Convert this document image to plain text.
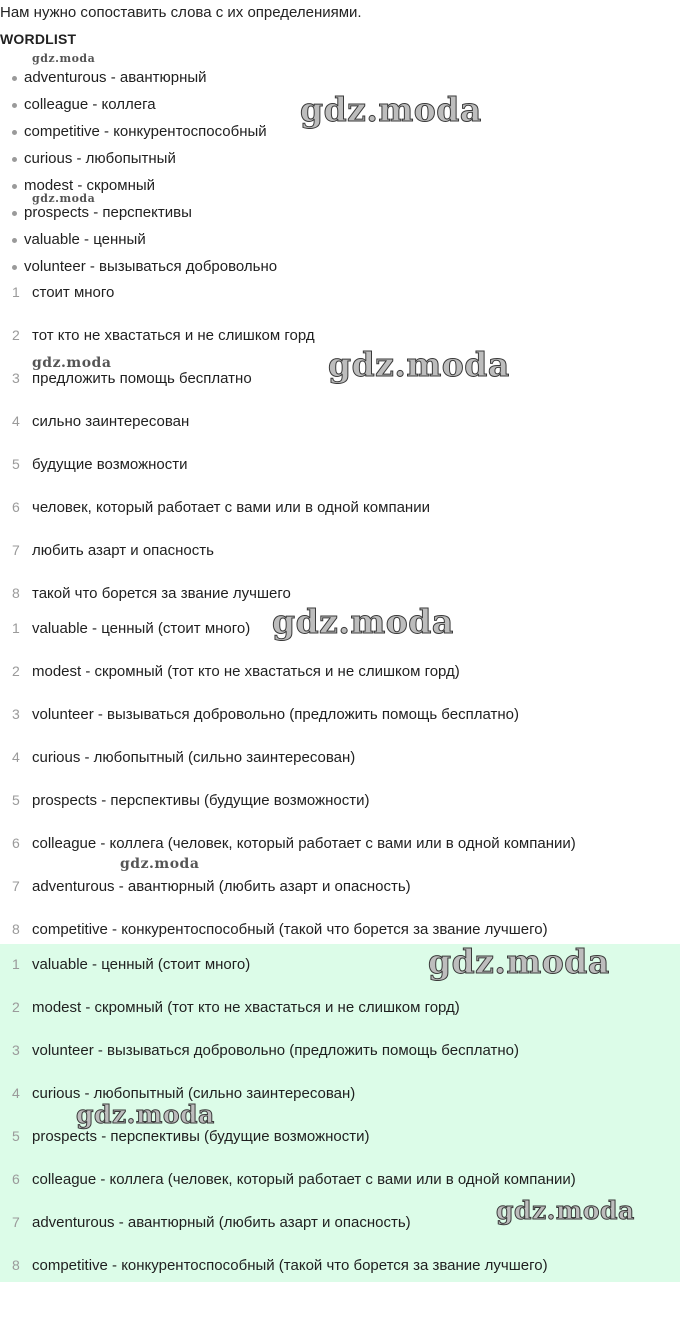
Нам нужно сопоставить слова с их определениями.
WORDLIST
adventurous - авантюрный
colleague - коллега
competitive - конкурентоспособный
curious - любопытный
modest - скромный
prospects - перспективы
valuable - ценный
volunteer - вызываться добровольно
1 стоит много
2 тот кто не хвастаться и не слишком горд
3 предложить помощь бесплатно
4 сильно заинтересован
5 будущие возможности
6 человек, который работает с вами или в одной компании
7 любить азарт и опасность
8 такой что борется за звание лучшего
1 valuable - ценный (стоит много)
2 modest - скромный (тот кто не хвастаться и не слишком горд)
3 volunteer - вызываться добровольно (предложить помощь бесплатно)
4 curious - любопытный (сильно заинтересован)
5 prospects - перспективы (будущие возможности)
6 colleague - коллега (человек, который работает с вами или в одной компании)
7 adventurous - авантюрный (любить азарт и опасность)
8 competitive - конкурентоспособный (такой что борется за звание лучшего)
1 valuable - ценный (стоит много)
2 modest - скромный (тот кто не хвастаться и не слишком горд)
3 volunteer - вызываться добровольно (предложить помощь бесплатно)
4 curious - любопытный (сильно заинтересован)
5 prospects - перспективы (будущие возможности)
6 colleague - коллега (человек, который работает с вами или в одной компании)
7 adventurous - авантюрный (любить азарт и опасность)
8 competitive - конкурентоспособный (такой что борется за звание лучшего)
gdz.moda
gdz.moda
gdz.moda
gdz.moda	gdz.moda
gdz.moda
gdz.moda
gdz.moda
gdz.moda
gdz.moda
